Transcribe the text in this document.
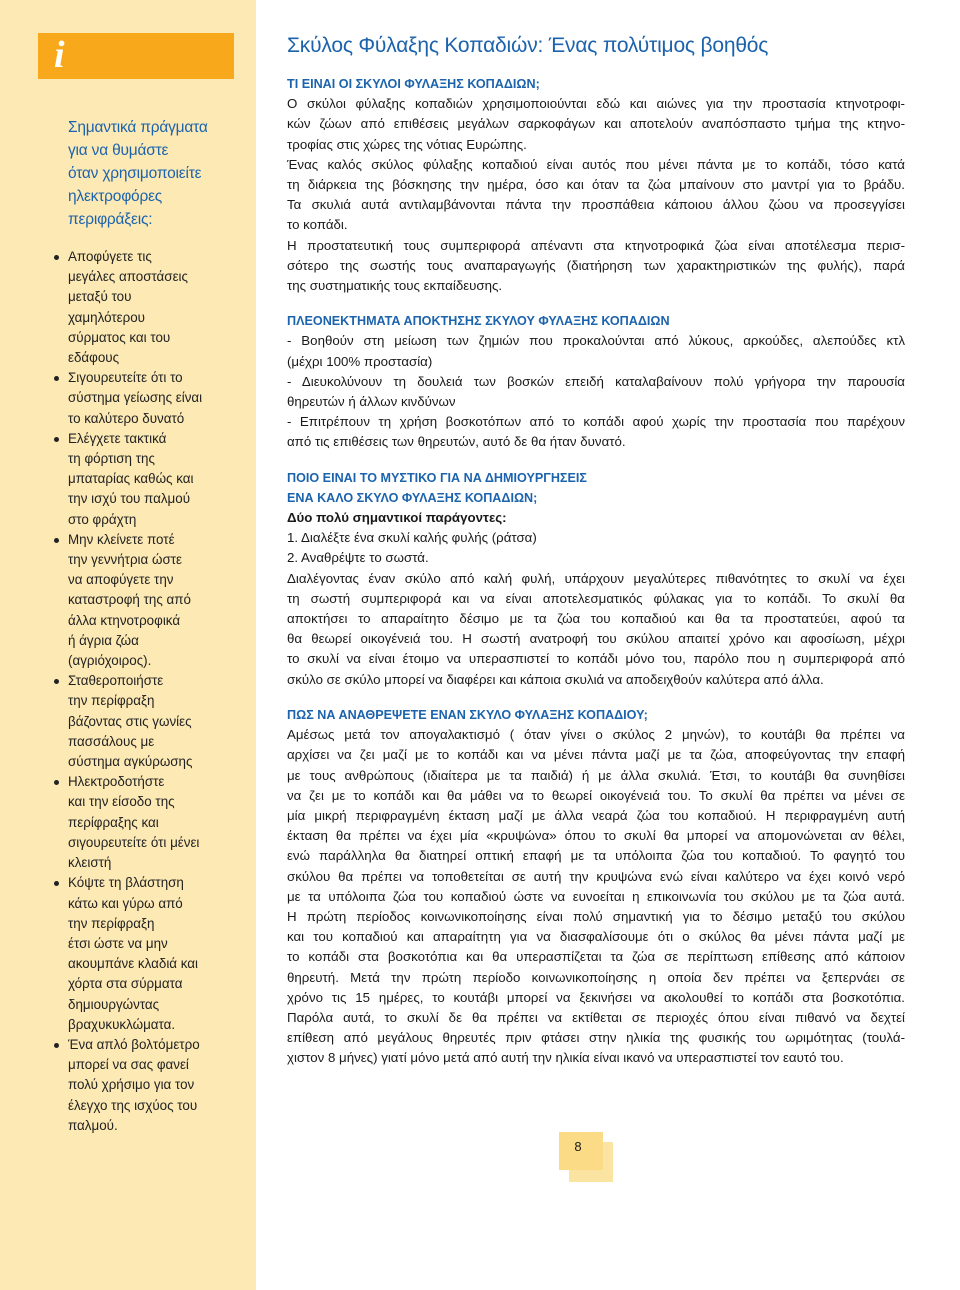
i
Σημαντικά πράγματα
για να θυμάστε
όταν χρησιμοποιείτε
ηλεκτροφόρες
περιφράξεις:
Αποφύγετε τις
μεγάλες αποστάσεις
μεταξύ του
χαμηλότερου
σύρματος και του
εδάφους
Σιγουρευτείτε ότι το
σύστημα γείωσης είναι
το καλύτερο δυνατό
Ελέγχετε τακτικά
τη φόρτιση της
μπαταρίας καθώς και
την ισχύ του παλμού
στο φράχτη
Μην κλείνετε ποτέ
την γεννήτρια ώστε
να αποφύγετε την
καταστροφή της από
άλλα κτηνοτροφικά
ή άγρια ζώα
(αγριόχοιρος).
Σταθεροποιήστε
την περίφραξη
βάζοντας στις γωνίες
πασσάλους με
σύστημα αγκύρωσης
Ηλεκτροδοτήστε
και την είσοδο της
περίφραξης και
σιγουρευτείτε ότι μένει
κλειστή
Κόψτε τη βλάστηση
κάτω και γύρω από
την περίφραξη
έτσι ώστε να μην
ακουμπάνε κλαδιά και
χόρτα στα σύρματα
δημιουργώντας
βραχυκυκλώματα.
Ένα απλό βολτόμετρο
μπορεί να σας φανεί
πολύ χρήσιμο για τον
έλεγχο της ισχύος του
παλμού.
Σκύλος Φύλαξης Κοπαδιών: Ένας πολύτιμος βοηθός
ΤΙ ΕΙΝΑΙ ΟΙ ΣΚΥΛΟΙ ΦΥΛΑΞΗΣ ΚΟΠΑΔΙΩΝ;
Ο σκύλοι φύλαξης κοπαδιών χρησιμοποιούνται εδώ και αιώνες για την προστασία κτηνοτροφι-
κών ζώων από επιθέσεις μεγάλων σαρκοφάγων και αποτελούν αναπόσπαστο τμήμα της κτηνο-
τροφίας στις χώρες της νότιας Ευρώπης.
Ένας καλός σκύλος φύλαξης κοπαδιού είναι αυτός που μένει πάντα με το κοπάδι, τόσο κατά
τη διάρκεια της βόσκησης την ημέρα, όσο και όταν τα ζώα μπαίνουν στο μαντρί για το βράδυ.
Τα σκυλιά αυτά αντιλαμβάνονται πάντα την προσπάθεια κάποιου άλλου ζώου να προσεγγίσει
το κοπάδι.
Η προστατευτική τους συμπεριφορά απέναντι στα κτηνοτροφικά ζώα είναι αποτέλεσμα περισ-
σότερο της σωστής τους αναπαραγωγής (διατήρηση των χαρακτηριστικών της φυλής), παρά
της συστηματικής τους εκπαίδευσης.
ΠΛΕΟΝΕΚΤΗΜΑΤΑ ΑΠΟΚΤΗΣΗΣ ΣΚΥΛΟΥ ΦΥΛΑΞΗΣ ΚΟΠΑΔΙΩΝ
- Βοηθούν στη μείωση των ζημιών που προκαλούνται από λύκους, αρκούδες, αλεπούδες κτλ
(μέχρι 100% προστασία)
- Διευκολύνουν τη δουλειά των βοσκών επειδή καταλαβαίνουν πολύ γρήγορα την παρουσία
θηρευτών ή άλλων κινδύνων
- Επιτρέπουν τη χρήση βοσκοτόπων από το κοπάδι αφού χωρίς την προστασία που παρέχουν
από τις επιθέσεις των θηρευτών, αυτό δε θα ήταν δυνατό.
ΠΟΙΟ ΕΙΝΑΙ ΤΟ ΜΥΣΤΙΚΟ ΓΙΑ ΝΑ ΔΗΜΙΟΥΡΓΗΣΕΙΣ
ΕΝΑ ΚΑΛΟ ΣΚΥΛΟ ΦΥΛΑΞΗΣ ΚΟΠΑΔΙΩΝ;
Δύο πολύ σημαντικοί παράγοντες:
1. Διαλέξτε ένα σκυλί καλής φυλής (ράτσα)
2. Αναθρέψτε το σωστά.
Διαλέγοντας έναν σκύλο από καλή φυλή, υπάρχουν μεγαλύτερες πιθανότητες το σκυλί να έχει
τη σωστή συμπεριφορά και να είναι αποτελεσματικός φύλακας για το κοπάδι. Το σκυλί θα
αποκτήσει το απαραίτητο δέσιμο με τα ζώα του κοπαδιού και θα τα προστατεύει, αφού τα
θα θεωρεί οικογένειά του. Η σωστή ανατροφή του σκύλου απαιτεί χρόνο και αφοσίωση, μέχρι
το σκυλί να είναι έτοιμο να υπερασπιστεί το κοπάδι μόνο του, παρόλο που η συμπεριφορά από
σκύλο σε σκύλο μπορεί να διαφέρει και κάποια σκυλιά να αποδειχθούν καλύτερα από άλλα.
ΠΩΣ ΝΑ ΑΝΑΘΡΕΨΕΤΕ ΕΝΑΝ ΣΚΥΛΟ ΦΥΛΑΞΗΣ ΚΟΠΑΔΙΟΥ;
Αμέσως μετά τον απογαλακτισμό ( όταν γίνει ο σκύλος 2 μηνών), το κουτάβι θα πρέπει να
αρχίσει να ζει μαζί με το κοπάδι και να μένει πάντα μαζί με τα ζώα, αποφεύγοντας την επαφή
με τους ανθρώπους (ιδιαίτερα με τα παιδιά) ή με άλλα σκυλιά. Έτσι, το κουτάβι θα συνηθίσει
να ζει με το κοπάδι και θα μάθει να το θεωρεί οικογένειά του. Το σκυλί θα πρέπει να μένει σε
μία μικρή περιφραγμένη έκταση μαζί με άλλα νεαρά ζώα του κοπαδιού. Η περιφραγμένη αυτή
έκταση θα πρέπει να έχει μία «κρυψώνα» όπου το σκυλί θα μπορεί να απομονώνεται αν θέλει,
ενώ παράλληλα θα διατηρεί οπτική επαφή με τα υπόλοιπα ζώα του κοπαδιού. Το φαγητό του
σκύλου θα πρέπει να τοποθετείται σε αυτή την κρυψώνα ενώ είναι καλύτερο να έχει κοινό νερό
με τα υπόλοιπα ζώα του κοπαδιού ώστε να ευνοείται η επικοινωνία του σκύλου με τα ζώα αυτά.
Η πρώτη περίοδος κοινωνικοποίησης είναι πολύ σημαντική για το δέσιμο μεταξύ του σκύλου
και του κοπαδιού και απαραίτητη για να διασφαλίσουμε ότι ο σκύλος θα μένει πάντα μαζί με
το κοπάδι στα βοσκοτόπια και θα υπερασπίζεται τα ζώα σε περίπτωση επίθεσης από κάποιον
θηρευτή. Μετά την πρώτη περίοδο κοινωνικοποίησης η οποία δεν πρέπει να ξεπερνάει σε
χρόνο τις 15 ημέρες, το κουτάβι μπορεί να ξεκινήσει να ακολουθεί το κοπάδι στα βοσκοτόπια.
Παρόλα αυτά, το σκυλί δε θα πρέπει να εκτίθεται σε περιοχές όπου είναι πιθανό να δεχτεί
επίθεση από μεγάλους θηρευτές πριν φτάσει στην ηλικία της φυσικής του ωριμότητας (τουλά-
χιστον 8 μήνες) γιατί μόνο μετά από αυτή την ηλικία είναι ικανό να υπερασπιστεί τον εαυτό του.
8
